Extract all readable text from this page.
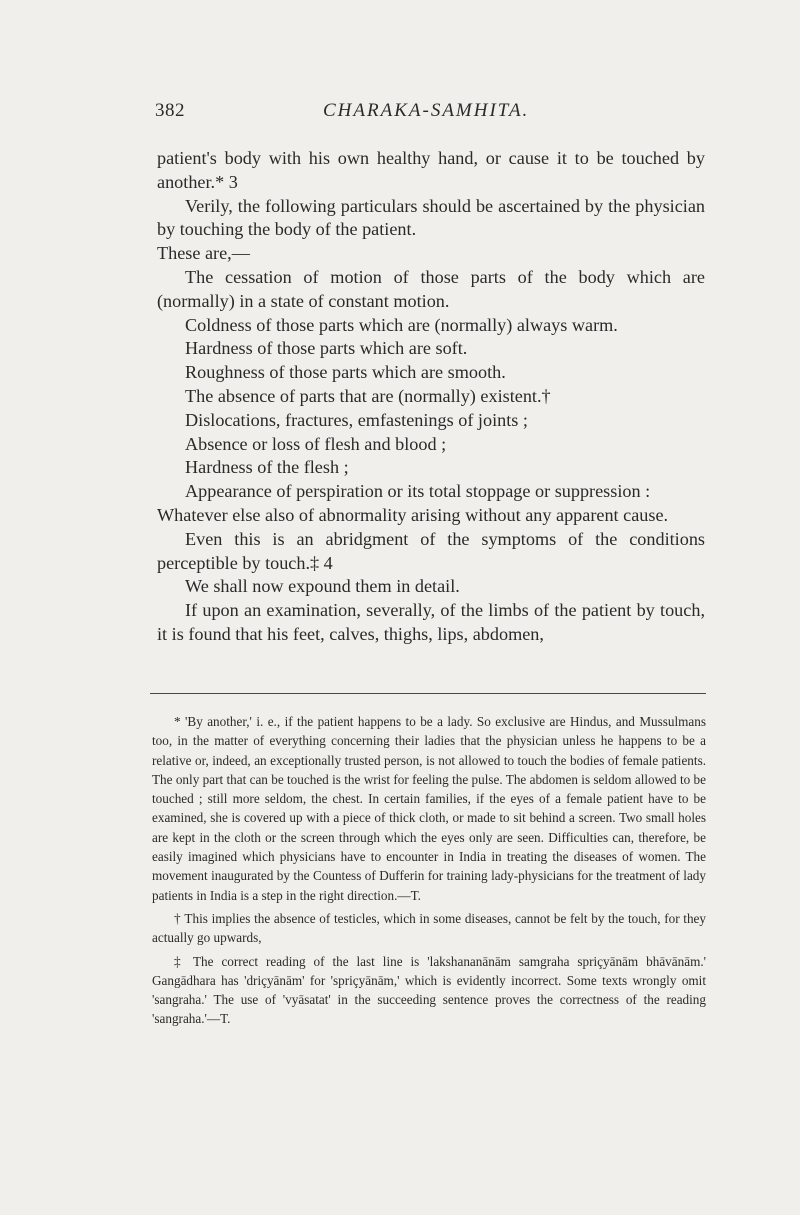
382	CHARAKA-SAMHITA.

patient's body with his own healthy hand, or cause it to be touched by another.* 3

Verily, the following particulars should be ascertained by the physician by touching the body of the patient.

These are,—

The cessation of motion of those parts of the body which are (normally) in a state of constant motion.

Coldness of those parts which are (normally) always warm.

Hardness of those parts which are soft.

Roughness of those parts which are smooth.

The absence of parts that are (normally) existent.†

Dislocations, fractures, emfastenings of joints ;

Absence or loss of flesh and blood ;

Hardness of the flesh ;

Appearance of perspiration or its total stoppage or suppression :

Whatever else also of abnormality arising without any apparent cause.

Even this is an abridgment of the symptoms of the conditions perceptible by touch.‡ 4

We shall now expound them in detail.

If upon an examination, severally, of the limbs of the patient by touch, it is found that his feet, calves, thighs, lips, abdomen,

* 'By another,' i. e., if the patient happens to be a lady. So exclusive are Hindus, and Mussulmans too, in the matter of everything concerning their ladies that the physician unless he happens to be a relative or, indeed, an exceptionally trusted person, is not allowed to touch the bodies of female patients. The only part that can be touched is the wrist for feeling the pulse. The abdomen is seldom allowed to be touched ; still more seldom, the chest. In certain families, if the eyes of a female patient have to be examined, she is covered up with a piece of thick cloth, or made to sit behind a screen. Two small holes are kept in the cloth or the screen through which the eyes only are seen. Difficulties can, therefore, be easily imagined which physicians have to encounter in India in treating the diseases of women. The movement inaugurated by the Countess of Dufferin for training lady-physicians for the treatment of lady patients in India is a step in the right direction.—T.

† This implies the absence of testicles, which in some diseases, cannot be felt by the touch, for they actually go upwards,

‡ The correct reading of the last line is 'lakshananānām samgraha spriçyānām bhāvānām.' Gangādhara has 'driçyānām' for 'spriçyānām,' which is evidently incorrect. Some texts wrongly omit 'sangraha.' The use of 'vyāsatat' in the succeeding sentence proves the correctness of the reading 'sangraha.'—T.
